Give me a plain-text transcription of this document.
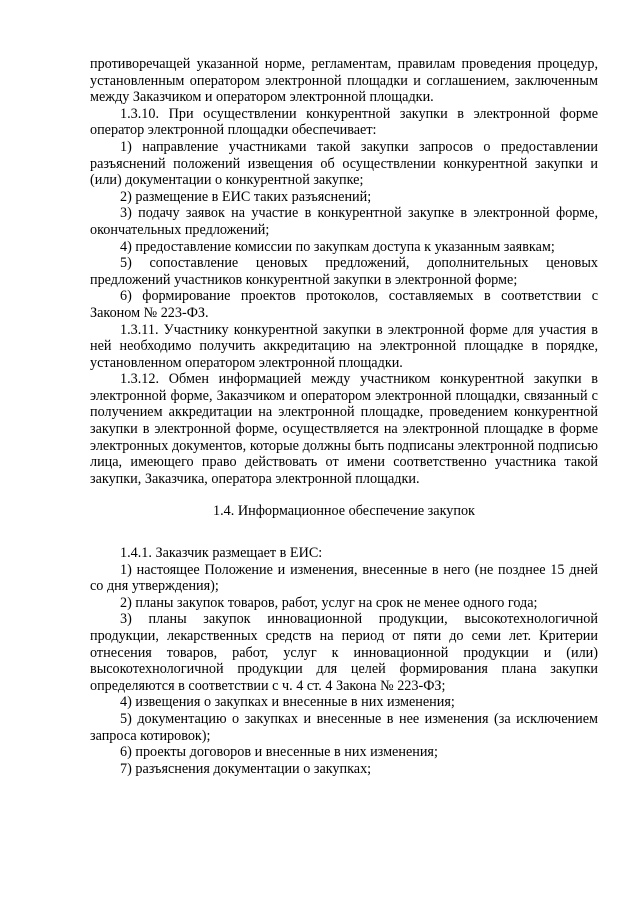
противоречащей указанной норме, регламентам, правилам проведения процедур, установленным оператором электронной площадки и соглашением, заключенным между Заказчиком и оператором электронной площадки.

1.3.10. При осуществлении конкурентной закупки в электронной форме оператор электронной площадки обеспечивает:

1) направление участниками такой закупки запросов о предоставлении разъяснений положений извещения об осуществлении конкурентной закупки и (или) документации о конкурентной закупке;

2) размещение в ЕИС таких разъяснений;

3) подачу заявок на участие в конкурентной закупке в электронной форме, окончательных предложений;

4) предоставление комиссии по закупкам доступа к указанным заявкам;

5) сопоставление ценовых предложений, дополнительных ценовых предложений участников конкурентной закупки в электронной форме;

6) формирование проектов протоколов, составляемых в соответствии с Законом № 223-ФЗ.

1.3.11. Участнику конкурентной закупки в электронной форме для участия в ней необходимо получить аккредитацию на электронной площадке в порядке, установленном оператором электронной площадки.

1.3.12. Обмен информацией между участником конкурентной закупки в электронной форме, Заказчиком и оператором электронной площадки, связанный с получением аккредитации на электронной площадке, проведением конкурентной закупки в электронной форме, осуществляется на электронной площадке в форме электронных документов, которые должны быть подписаны электронной подписью лица, имеющего право действовать от имени соответственно участника такой закупки, Заказчика, оператора электронной площадки.

1.4. Информационное обеспечение закупок

1.4.1. Заказчик размещает в ЕИС:

1) настоящее Положение и изменения, внесенные в него (не позднее 15 дней со дня утверждения);

2) планы закупок товаров, работ, услуг на срок не менее одного года;

3) планы закупок инновационной продукции, высокотехнологичной продукции, лекарственных средств на период от пяти до семи лет. Критерии отнесения товаров, работ, услуг к инновационной продукции и (или) высокотехнологичной продукции для целей формирования плана закупки определяются в соответствии с ч. 4 ст. 4 Закона № 223-ФЗ;

4) извещения о закупках и внесенные в них изменения;

5) документацию о закупках и внесенные в нее изменения (за исключением запроса котировок);

6) проекты договоров и внесенные в них изменения;

7) разъяснения документации о закупках;
